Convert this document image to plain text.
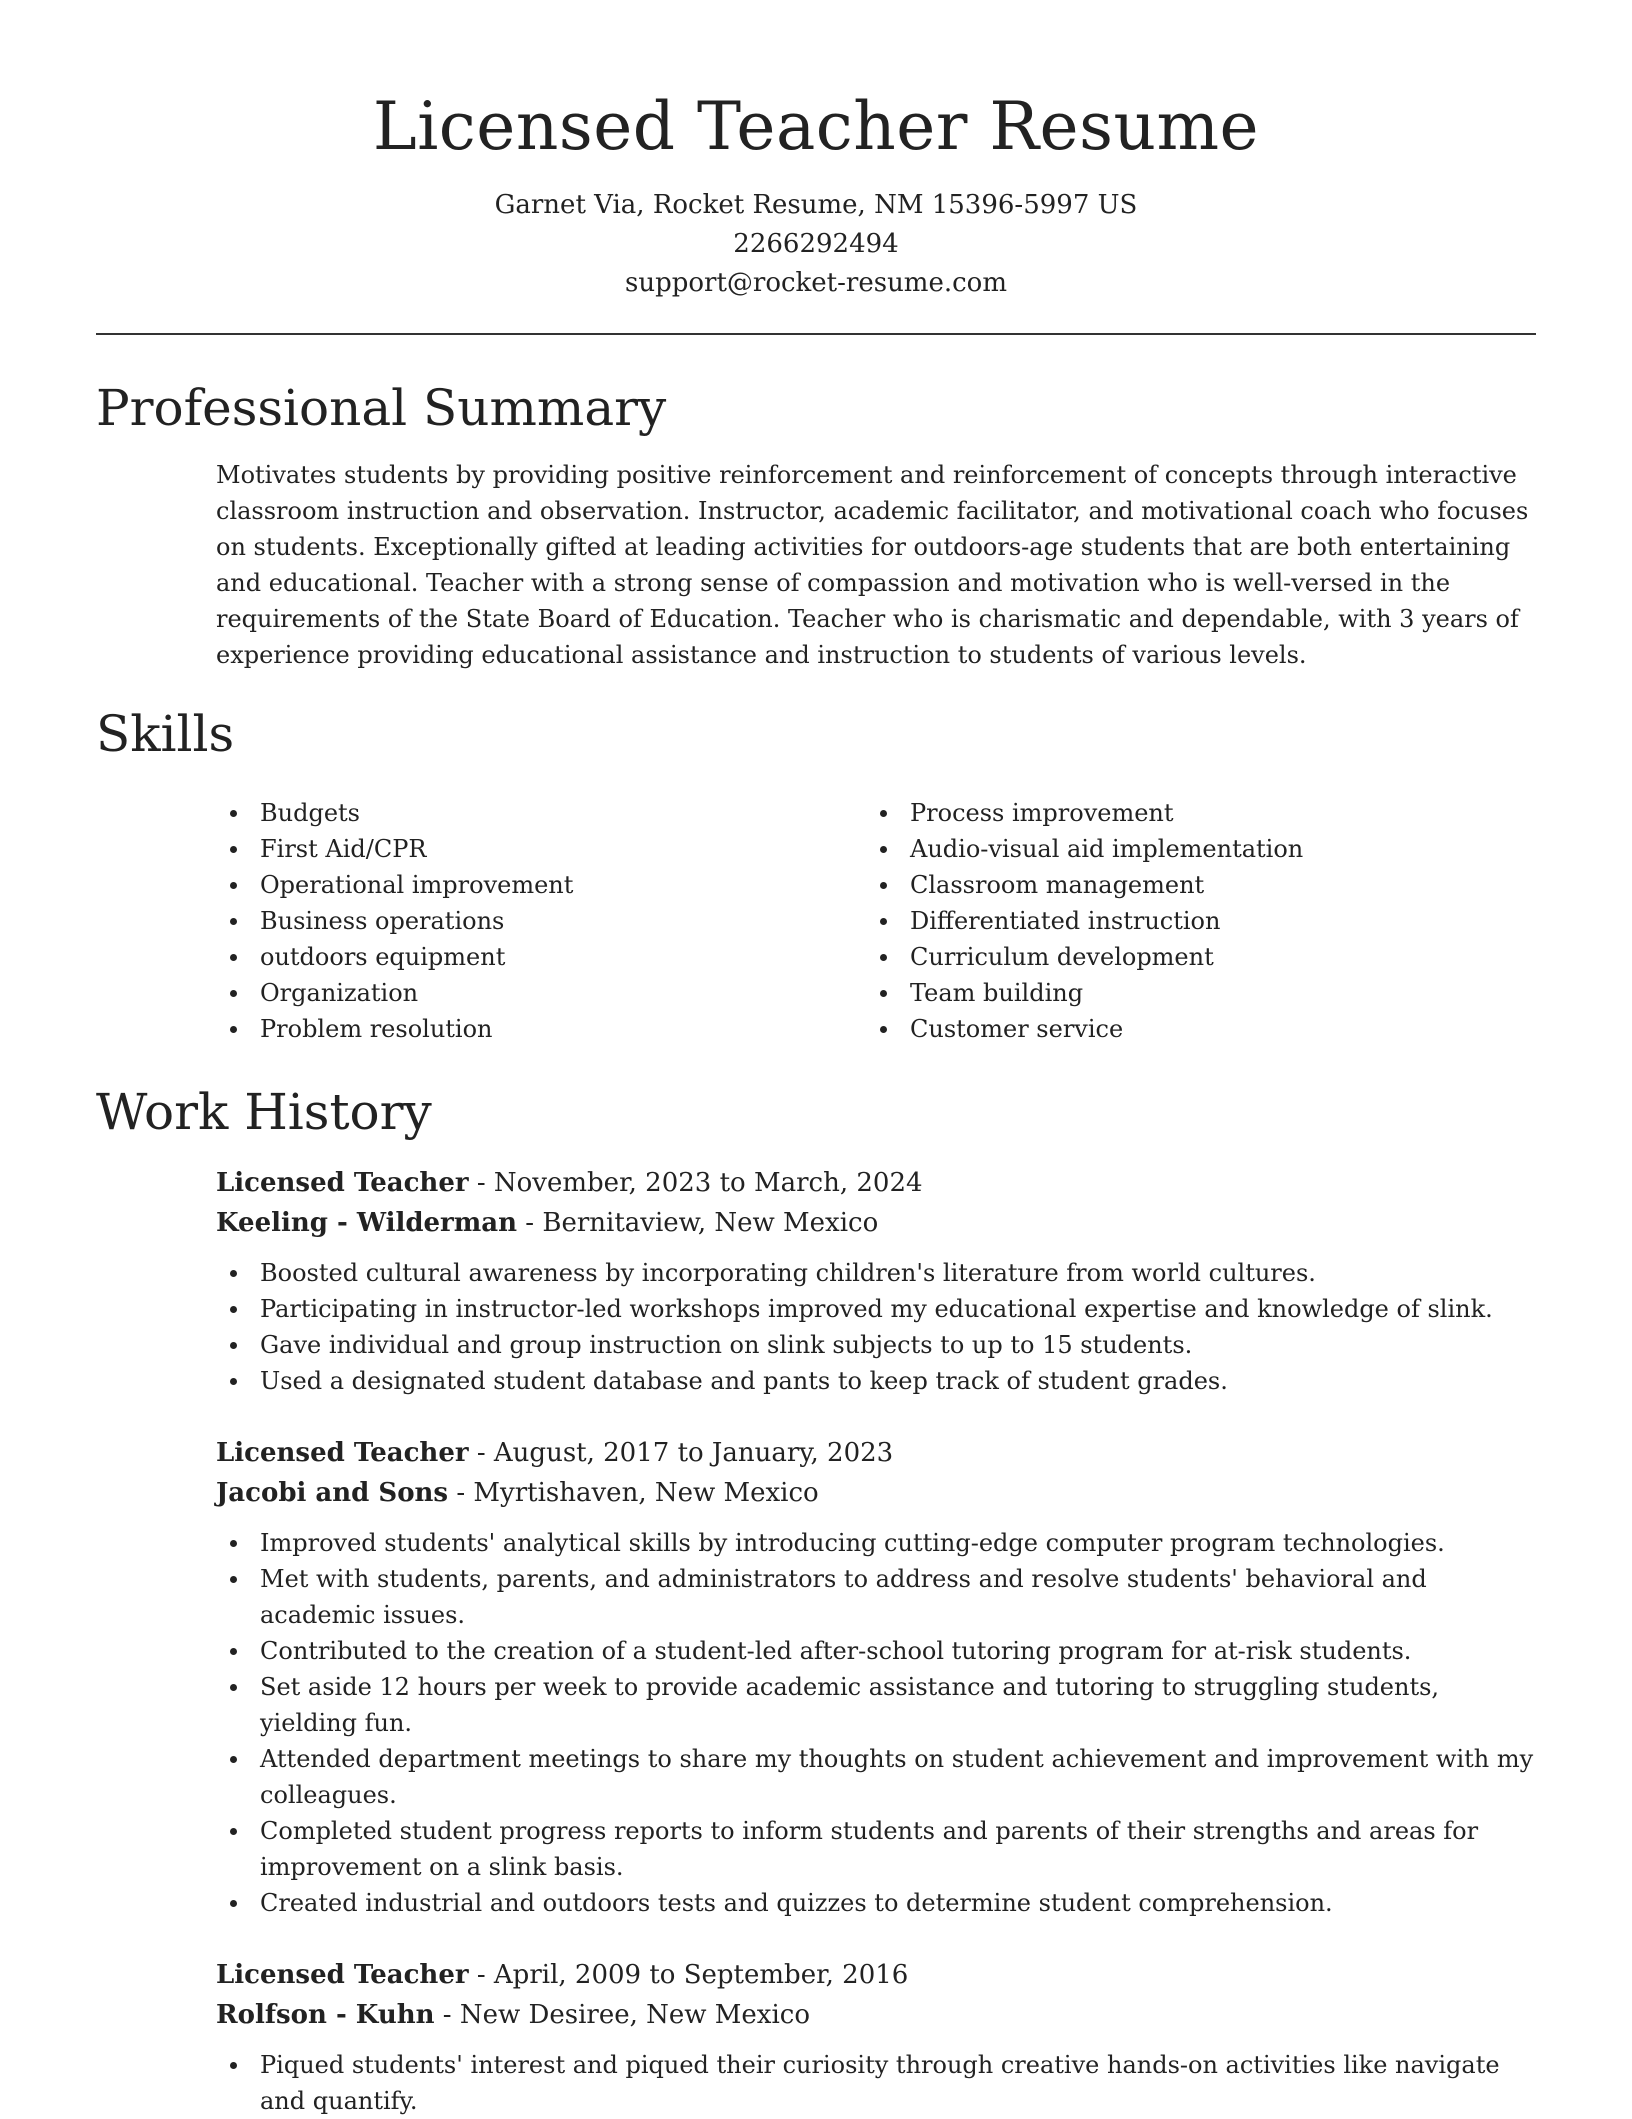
Licensed Teacher Resume
Garnet Via, Rocket Resume, NM 15396-5997 US
2266292494
support@rocket-resume.com
Professional Summary

Motivates students by providing positive reinforcement and reinforcement of concepts through interactive classroom instruction and observation. Instructor, academic facilitator, and motivational coach who focuses on students. Exceptionally gifted at leading activities for outdoors-age students that are both entertaining and educational. Teacher with a strong sense of compassion and motivation who is well-versed in the requirements of the State Board of Education. Teacher who is charismatic and dependable, with 3 years of experience providing educational assistance and instruction to students of various levels.

Skills
Budgets
First Aid/CPR
Operational improvement
Business operations
outdoors equipment
Organization
Problem resolution
Process improvement
Audio-visual aid implementation
Classroom management
Differentiated instruction
Curriculum development
Team building
Customer service
Work History
Licensed Teacher - November, 2023 to March, 2024
Keeling - Wilderman - Bernitaview, New Mexico
Boosted cultural awareness by incorporating children's literature from world cultures.
Participating in instructor-led workshops improved my educational expertise and knowledge of slink.
Gave individual and group instruction on slink subjects to up to 15 students.
Used a designated student database and pants to keep track of student grades.
Licensed Teacher - August, 2017 to January, 2023
Jacobi and Sons - Myrtishaven, New Mexico
Improved students' analytical skills by introducing cutting-edge computer program technologies.
Met with students, parents, and administrators to address and resolve students' behavioral and academic issues.
Contributed to the creation of a student-led after-school tutoring program for at-risk students.
Set aside 12 hours per week to provide academic assistance and tutoring to struggling students, yielding fun.
Attended department meetings to share my thoughts on student achievement and improvement with my colleagues.
Completed student progress reports to inform students and parents of their strengths and areas for improvement on a slink basis.
Created industrial and outdoors tests and quizzes to determine student comprehension.
Licensed Teacher - April, 2009 to September, 2016
Rolfson - Kuhn - New Desiree, New Mexico
Piqued students' interest and piqued their curiosity through creative hands-on activities like navigate and quantify.
